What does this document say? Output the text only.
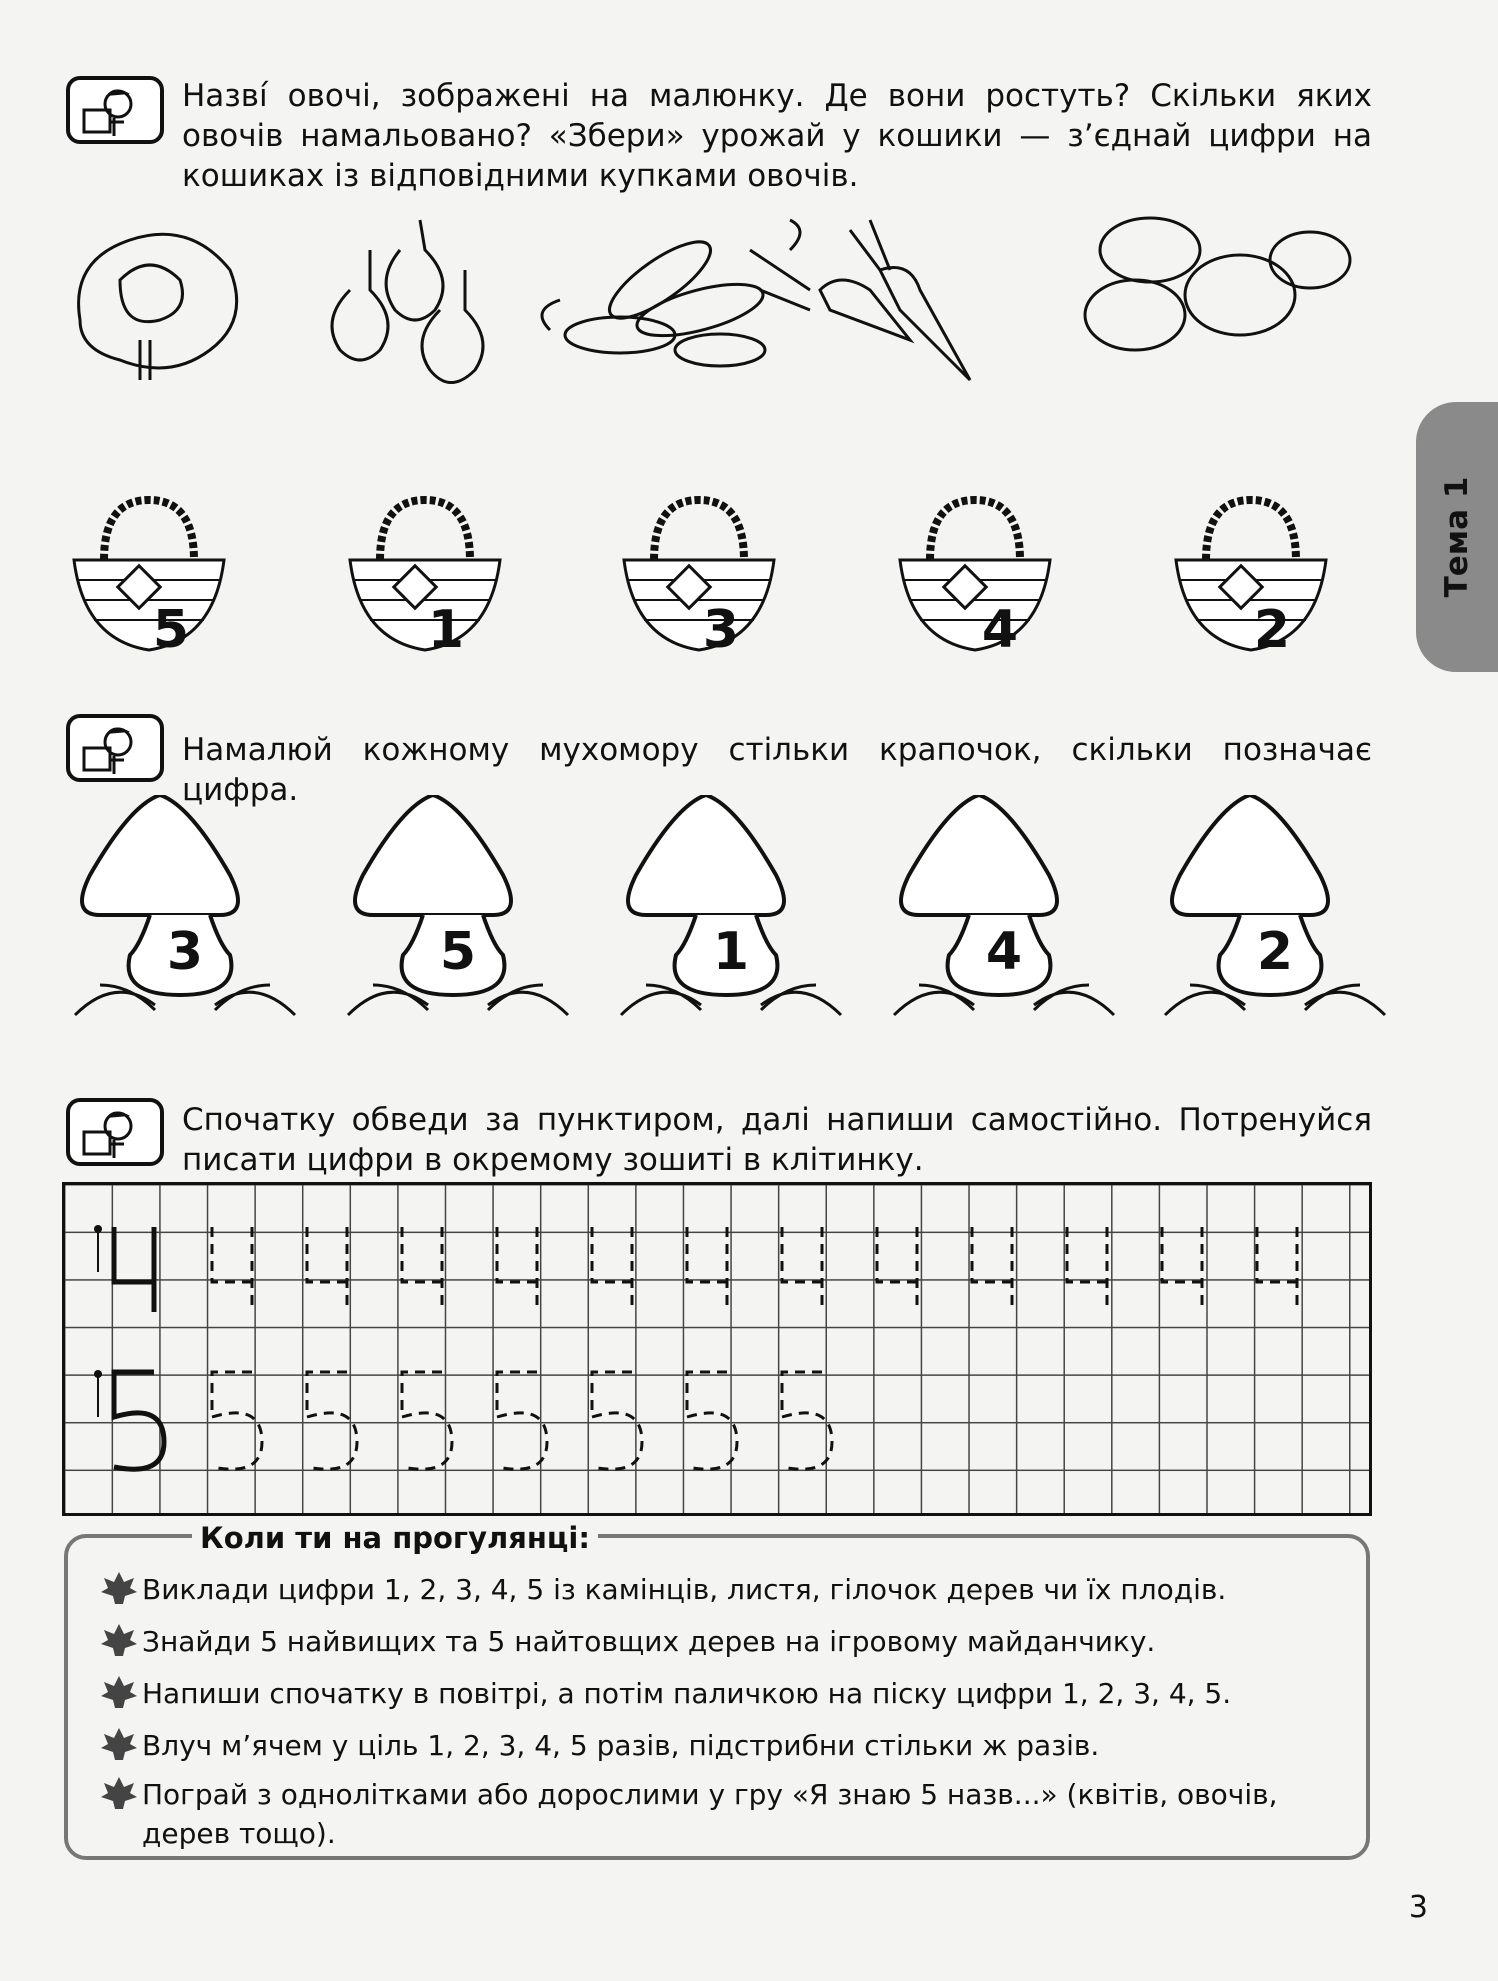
Тема 1
Назві́ овочі, зображені на малюнку. Де вони ростуть? Скільки яких овочів намальовано? «Збери» урожай у кошики — з’єднай цифри на кошиках із відповідними купками овочів.
5	1	3	4	2
Намалюй кожному мухомору стільки крапочок, скільки позначає цифра.
3	5	1	4	2
Спочатку обведи за пунктиром, далі напиши самостійно. Потренуйся писати цифри в окремому зошиті в клітинку.
Коли ти на прогулянці:
Виклади цифри 1, 2, 3, 4, 5 із камінців, листя, гілочок дерев чи їх плодів.
Знайди 5 найвищих та 5 найтовщих дерев на ігровому майданчику.
Напиши спочатку в повітрі, а потім паличкою на піску цифри 1, 2, 3, 4, 5.
Влуч м’ячем у ціль 1, 2, 3, 4, 5 разів, підстрибни стільки ж разів.
Пограй з однолітками або дорослими у гру «Я знаю 5 назв...» (квітів, овочів, дерев тощо).
3
